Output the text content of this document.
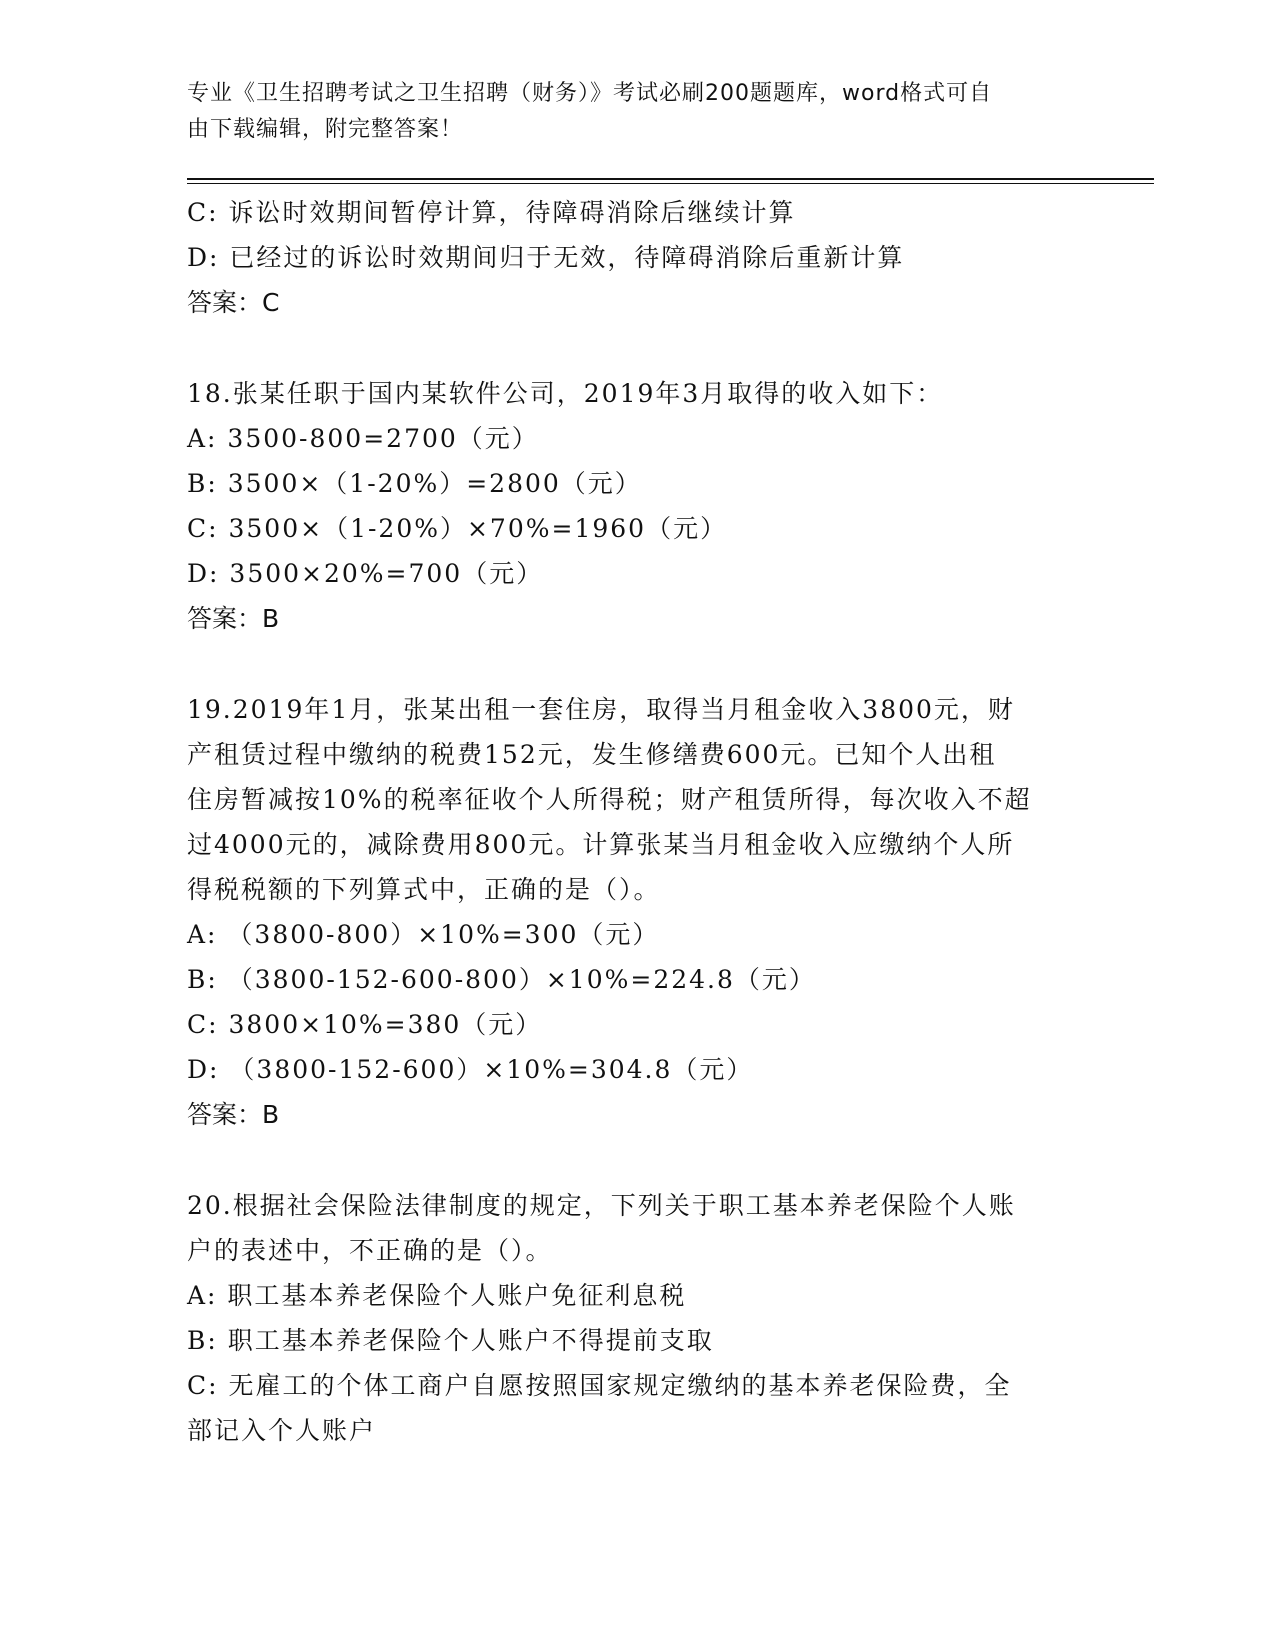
专业《卫生招聘考试之卫生招聘（财务）》考试必刷200题题库，word格式可自
由下载编辑，附完整答案！
C: 诉讼时效期间暂停计算，待障碍消除后继续计算
D: 已经过的诉讼时效期间归于无效，待障碍消除后重新计算
答案：C
18.张某任职于国内某软件公司，2019年3月取得的收入如下：
A: 3500-800=2700（元）
B: 3500×（1-20%）=2800（元）
C: 3500×（1-20%）×70%=1960（元）
D: 3500×20%=700（元）
答案：B
19.2019年1月，张某出租一套住房，取得当月租金收入3800元，财
产租赁过程中缴纳的税费152元，发生修缮费600元。已知个人出租
住房暂减按10%的税率征收个人所得税；财产租赁所得，每次收入不超
过4000元的，减除费用800元。计算张某当月租金收入应缴纳个人所
得税税额的下列算式中，正确的是（）。
A: （3800-800）×10%=300（元）
B: （3800-152-600-800）×10%=224.8（元）
C: 3800×10%=380（元）
D: （3800-152-600）×10%=304.8（元）
答案：B
20.根据社会保险法律制度的规定，下列关于职工基本养老保险个人账
户的表述中，不正确的是（）。
A: 职工基本养老保险个人账户免征利息税
B: 职工基本养老保险个人账户不得提前支取
C: 无雇工的个体工商户自愿按照国家规定缴纳的基本养老保险费，全
部记入个人账户
